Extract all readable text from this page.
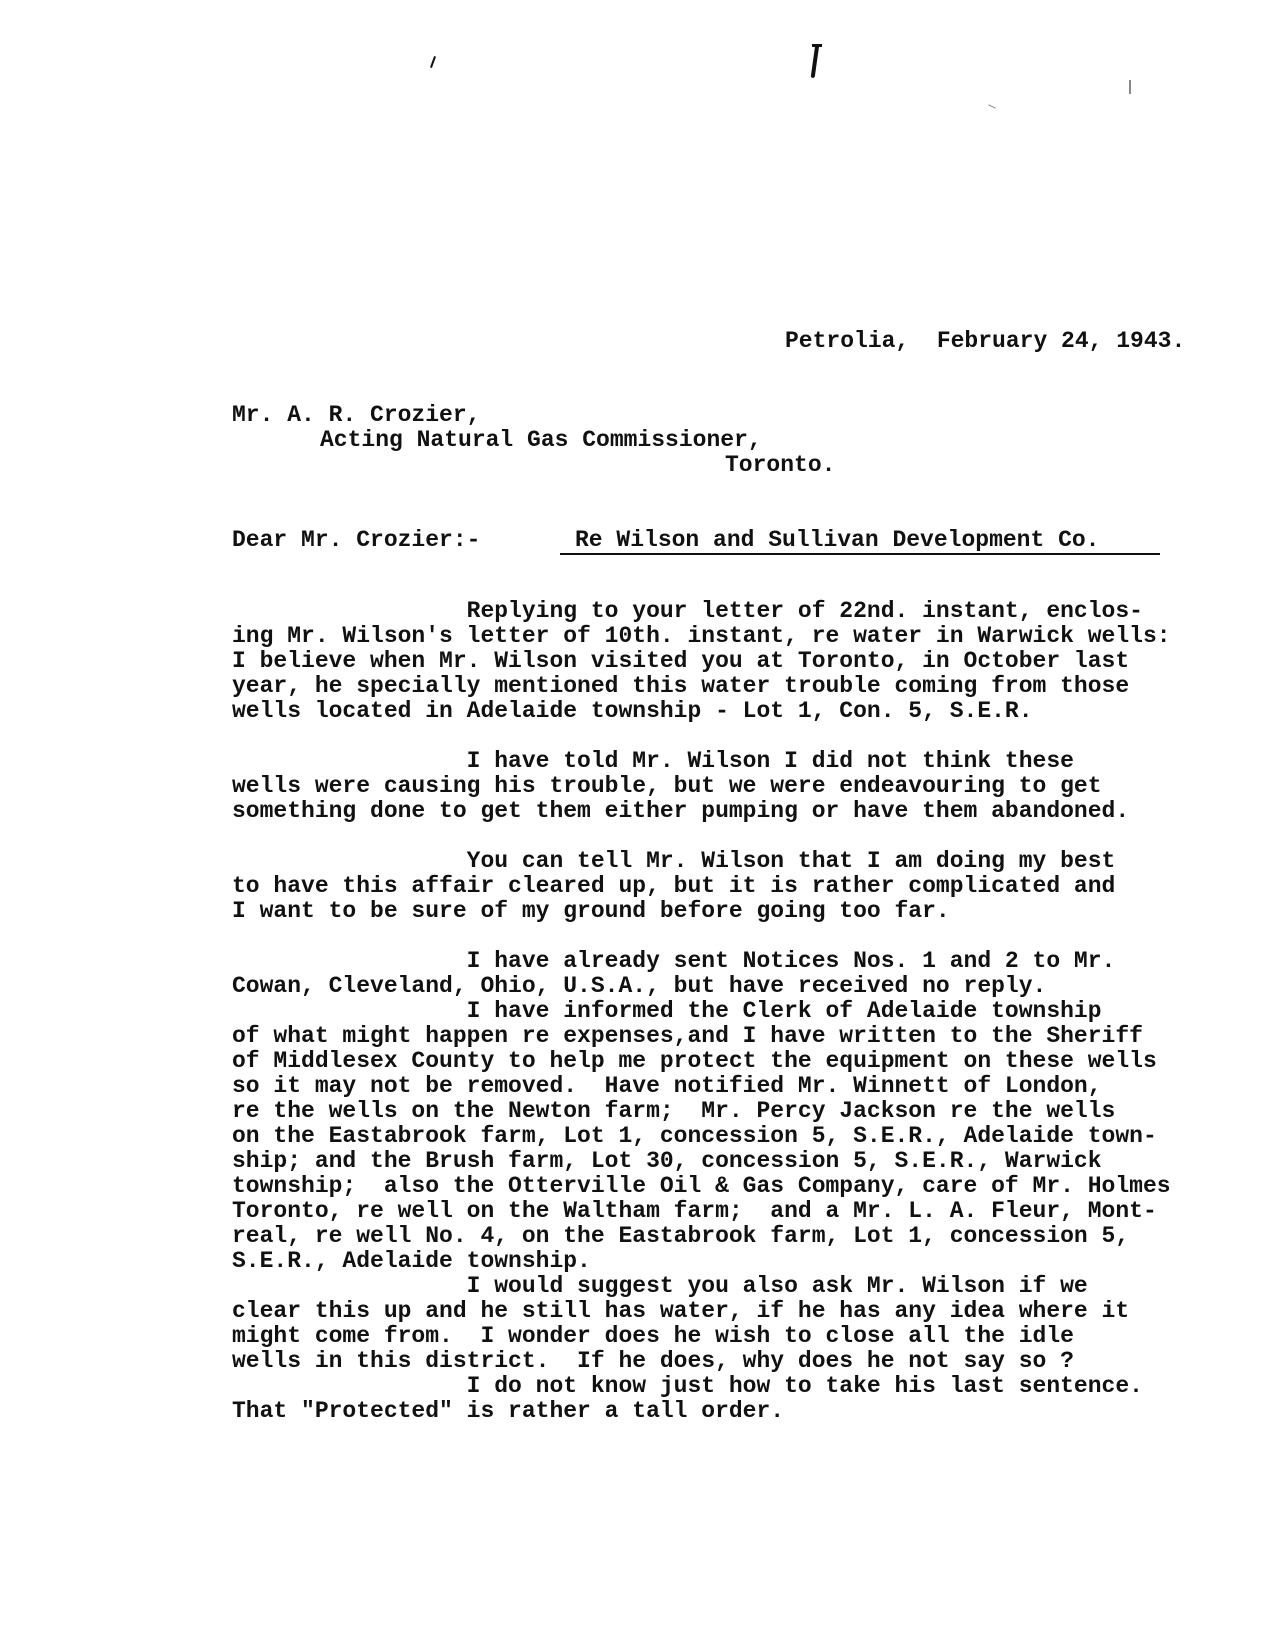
Petrolia,  February 24, 1943.
Mr. A. R. Crozier,
Acting Natural Gas Commissioner,
Toronto.
Dear Mr. Crozier:-	Re Wilson and Sullivan Development Co.
Replying to your letter of 22nd. instant, enclos-
ing Mr. Wilson's letter of 10th. instant, re water in Warwick wells:
I believe when Mr. Wilson visited you at Toronto, in October last
year, he specially mentioned this water trouble coming from those
wells located in Adelaide township - Lot 1, Con. 5, S.E.R.
I have told Mr. Wilson I did not think these
wells were causing his trouble, but we were endeavouring to get
something done to get them either pumping or have them abandoned.
You can tell Mr. Wilson that I am doing my best
to have this affair cleared up, but it is rather complicated and
I want to be sure of my ground before going too far.
I have already sent Notices Nos. 1 and 2 to Mr.
Cowan, Cleveland, Ohio, U.S.A., but have received no reply.
I have informed the Clerk of Adelaide township
of what might happen re expenses,and I have written to the Sheriff
of Middlesex County to help me protect the equipment on these wells
so it may not be removed.  Have notified Mr. Winnett of London,
re the wells on the Newton farm;  Mr. Percy Jackson re the wells
on the Eastabrook farm, Lot 1, concession 5, S.E.R., Adelaide town-
ship; and the Brush farm, Lot 30, concession 5, S.E.R., Warwick
township;  also the Otterville Oil & Gas Company, care of Mr. Holmes
Toronto, re well on the Waltham farm;  and a Mr. L. A. Fleur, Mont-
real, re well No. 4, on the Eastabrook farm, Lot 1, concession 5,
S.E.R., Adelaide township.
I would suggest you also ask Mr. Wilson if we
clear this up and he still has water, if he has any idea where it
might come from.  I wonder does he wish to close all the idle
wells in this district.  If he does, why does he not say so ?
I do not know just how to take his last sentence.
That "Protected" is rather a tall order.
